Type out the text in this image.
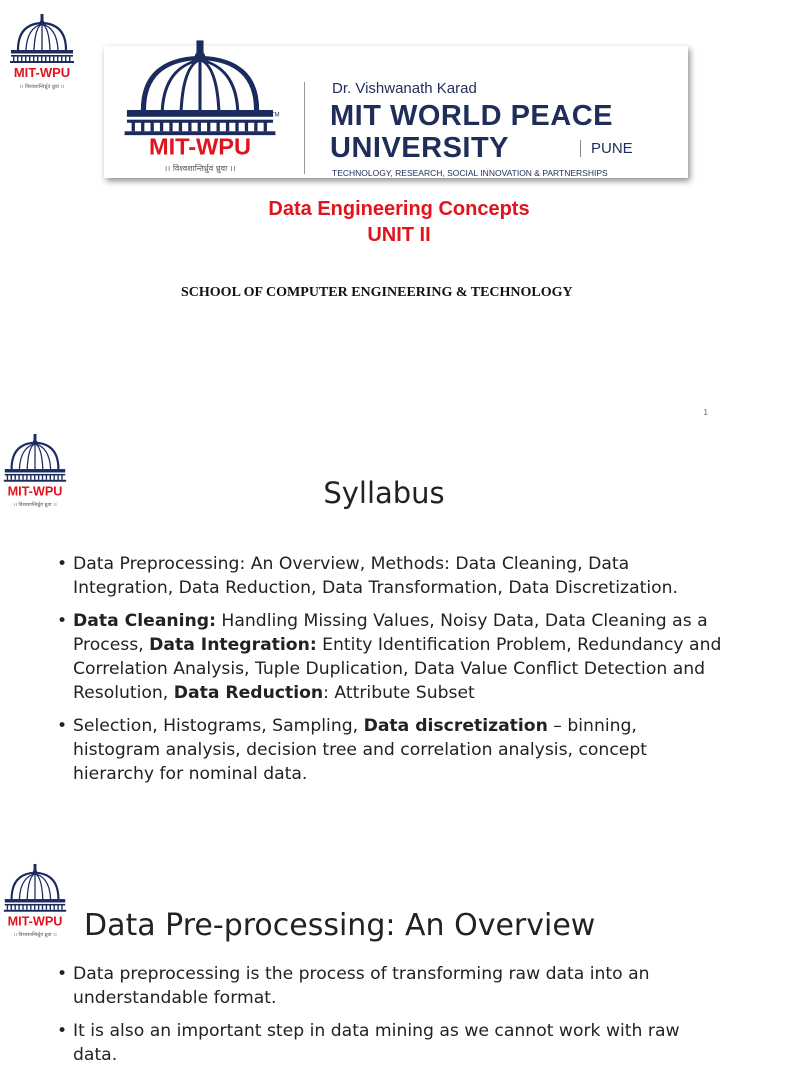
MIT-WPU
।। विश्वशान्तिर्ध्रुवं ध्रुवा ।।
MIT-WPU
TM
।। विश्वशान्तिर्ध्रुवं ध्रुवा ।।
Dr. Vishwanath Karad
MIT WORLD PEACE
UNIVERSITY	PUNE
TECHNOLOGY, RESEARCH, SOCIAL INNOVATION & PARTNERSHIPS
Data Engineering Concepts
UNIT II
SCHOOL OF COMPUTER ENGINEERING & TECHNOLOGY
1
MIT-WPU
।। विश्वशान्तिर्ध्रुवं ध्रुवा ।।	Syllabus
• Data Preprocessing: An Overview, Methods: Data Cleaning, Data Integration, Data Reduction, Data Transformation, Data Discretization.
• Data Cleaning: Handling Missing Values, Noisy Data, Data Cleaning as a Process, Data Integration: Entity Identification Problem, Redundancy and Correlation Analysis, Tuple Duplication, Data Value Conflict Detection and Resolution, Data Reduction: Attribute Subset
• Selection, Histograms, Sampling, Data discretization – binning, histogram analysis, decision tree and correlation analysis, concept hierarchy for nominal data.
MIT-WPU
।। विश्वशान्तिर्ध्रुवं ध्रुवा ।। Data Pre-processing: An Overview
• Data preprocessing is the process of transforming raw data into an understandable format.
• It is also an important step in data mining as we cannot work with raw data.
